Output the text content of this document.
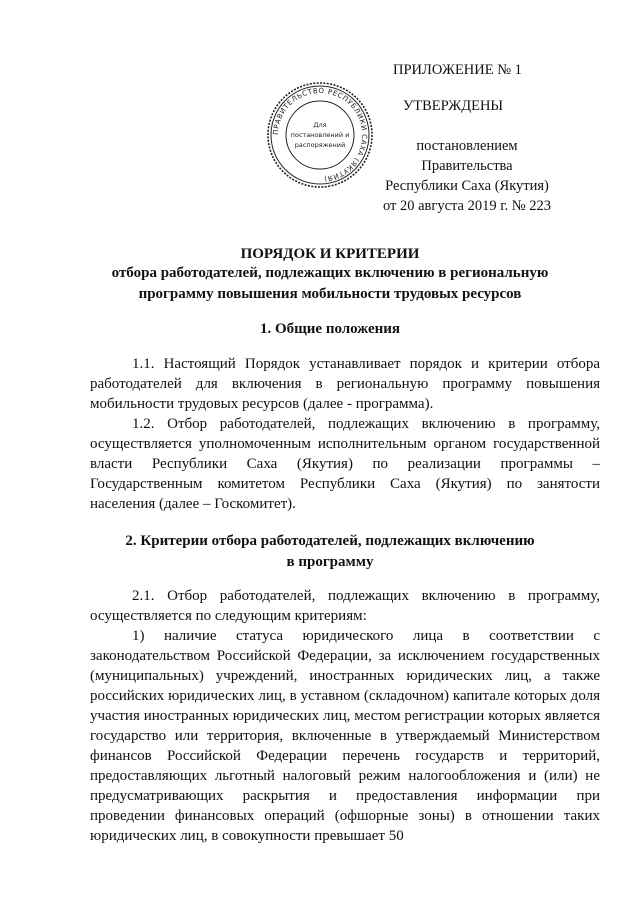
ПРИЛОЖЕНИЕ № 1
УТВЕРЖДЕНЫ
постановлением Правительства
Республики Саха (Якутия)
от 20 августа 2019 г. № 223
ПРАВИТЕЛЬСТВО РЕСПУБЛИКИ САХА (ЯКУТИЯ)
Для
постановлений и
распоряжений
ПОРЯДОК И КРИТЕРИИ
отбора работодателей, подлежащих включению в региональную программу повышения мобильности трудовых ресурсов
1. Общие положения

1.1. Настоящий Порядок устанавливает порядок и критерии отбора работодателей для включения в региональную программу повышения мобильности трудовых ресурсов (далее - программа).

1.2. Отбор работодателей, подлежащих включению в программу, осуществляется уполномоченным исполнительным органом государственной власти Республики Саха (Якутия) по реализации программы – Государственным комитетом Республики Саха (Якутия) по занятости населения (далее – Госкомитет).

2. Критерии отбора работодателей, подлежащих включению
в программу

2.1. Отбор работодателей, подлежащих включению в программу, осуществляется по следующим критериям:

1) наличие статуса юридического лица в соответствии с законодательством Российской Федерации, за исключением государственных (муниципальных) учреждений, иностранных юридических лиц, а также российских юридических лиц, в уставном (складочном) капитале которых доля участия иностранных юридических лиц, местом регистрации которых является государство или территория, включенные в утверждаемый Министерством финансов Российской Федерации перечень государств и территорий, предоставляющих льготный налоговый режим налогообложения и (или) не предусматривающих раскрытия и предоставления информации при проведении финансовых операций (офшорные зоны) в отношении таких юридических лиц, в совокупности превышает 50
